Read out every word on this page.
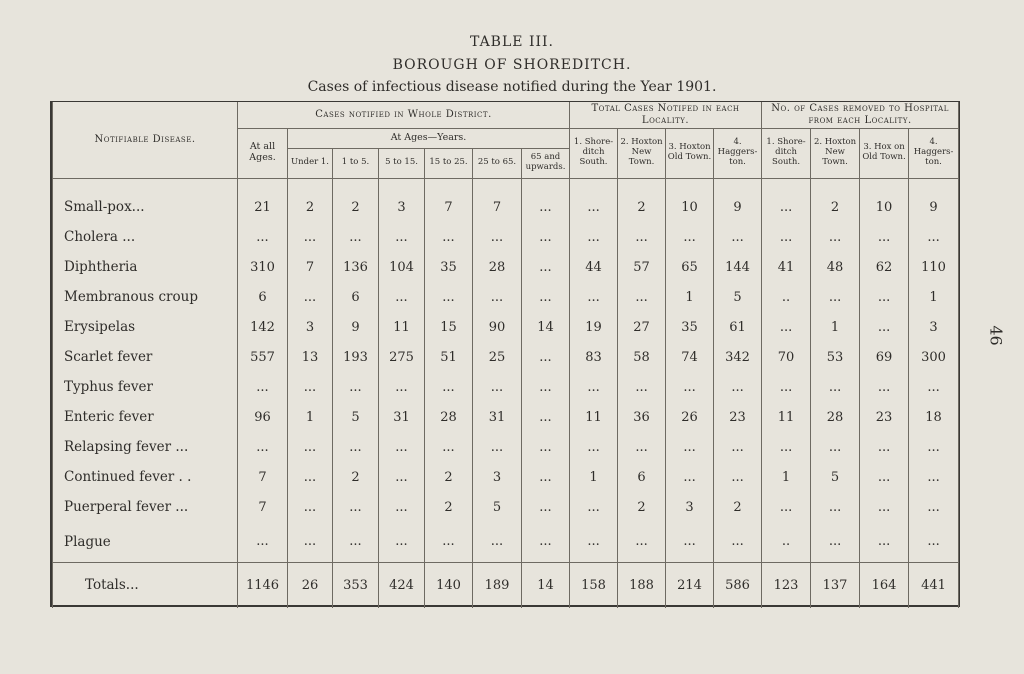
TABLE III.
BOROUGH OF SHOREDITCH.
Cases of infectious disease notified during the Year 1901.
46
Notifiable Disease.	Cases notified in Whole District.							Total Cases Notifed in each Locality.				No. of Cases removed to Hospital from each Locality.			
	At all Ages.	At Ages—Years.						1. Shore-ditch South.	2. Hoxton New Town.	3. Hoxton Old Town.	4. Haggers-ton.	1. Shore-ditch South.	2. Hoxton New Town.	3. Hox on Old Town.	4. Haggers-ton.
		Under 1.	1 to 5.	5 to 15.	15 to 25.	25 to 65.	65 and upwards.								
Small-pox...	21	2	2	3	7	7	...	...	2	10	9	...	2	10	9
Cholera ...	...	...	...	...	...	...	...	...	...	...	...	...	...	...	...
Diphtheria	310	7	136	104	35	28	...	44	57	65	144	41	48	62	110
Membranous croup	6	...	6	...	...	...	...	...	...	1	5	..	...	...	1
Erysipelas	142	3	9	11	15	90	14	19	27	35	61	...	1	...	3
Scarlet fever	557	13	193	275	51	25	...	83	58	74	342	70	53	69	300
Typhus fever	...	...	...	...	...	...	...	...	...	...	...	...	...	...	...
Enteric fever	96	1	5	31	28	31	...	11	36	26	23	11	28	23	18
Relapsing fever ...	...	...	...	...	...	...	...	...	...	...	...	...	...	...	...
Continued fever . .	7	...	2	...	2	3	...	1	6	...	...	1	5	...	...
Puerperal fever ...	7	...	...	...	2	5	...	...	2	3	2	...	...	...	...
Plague	...	...	...	...	...	...	...	...	...	...	...	..	...	...	...
Totals...	1146	26	353	424	140	189	14	158	188	214	586	123	137	164	441
